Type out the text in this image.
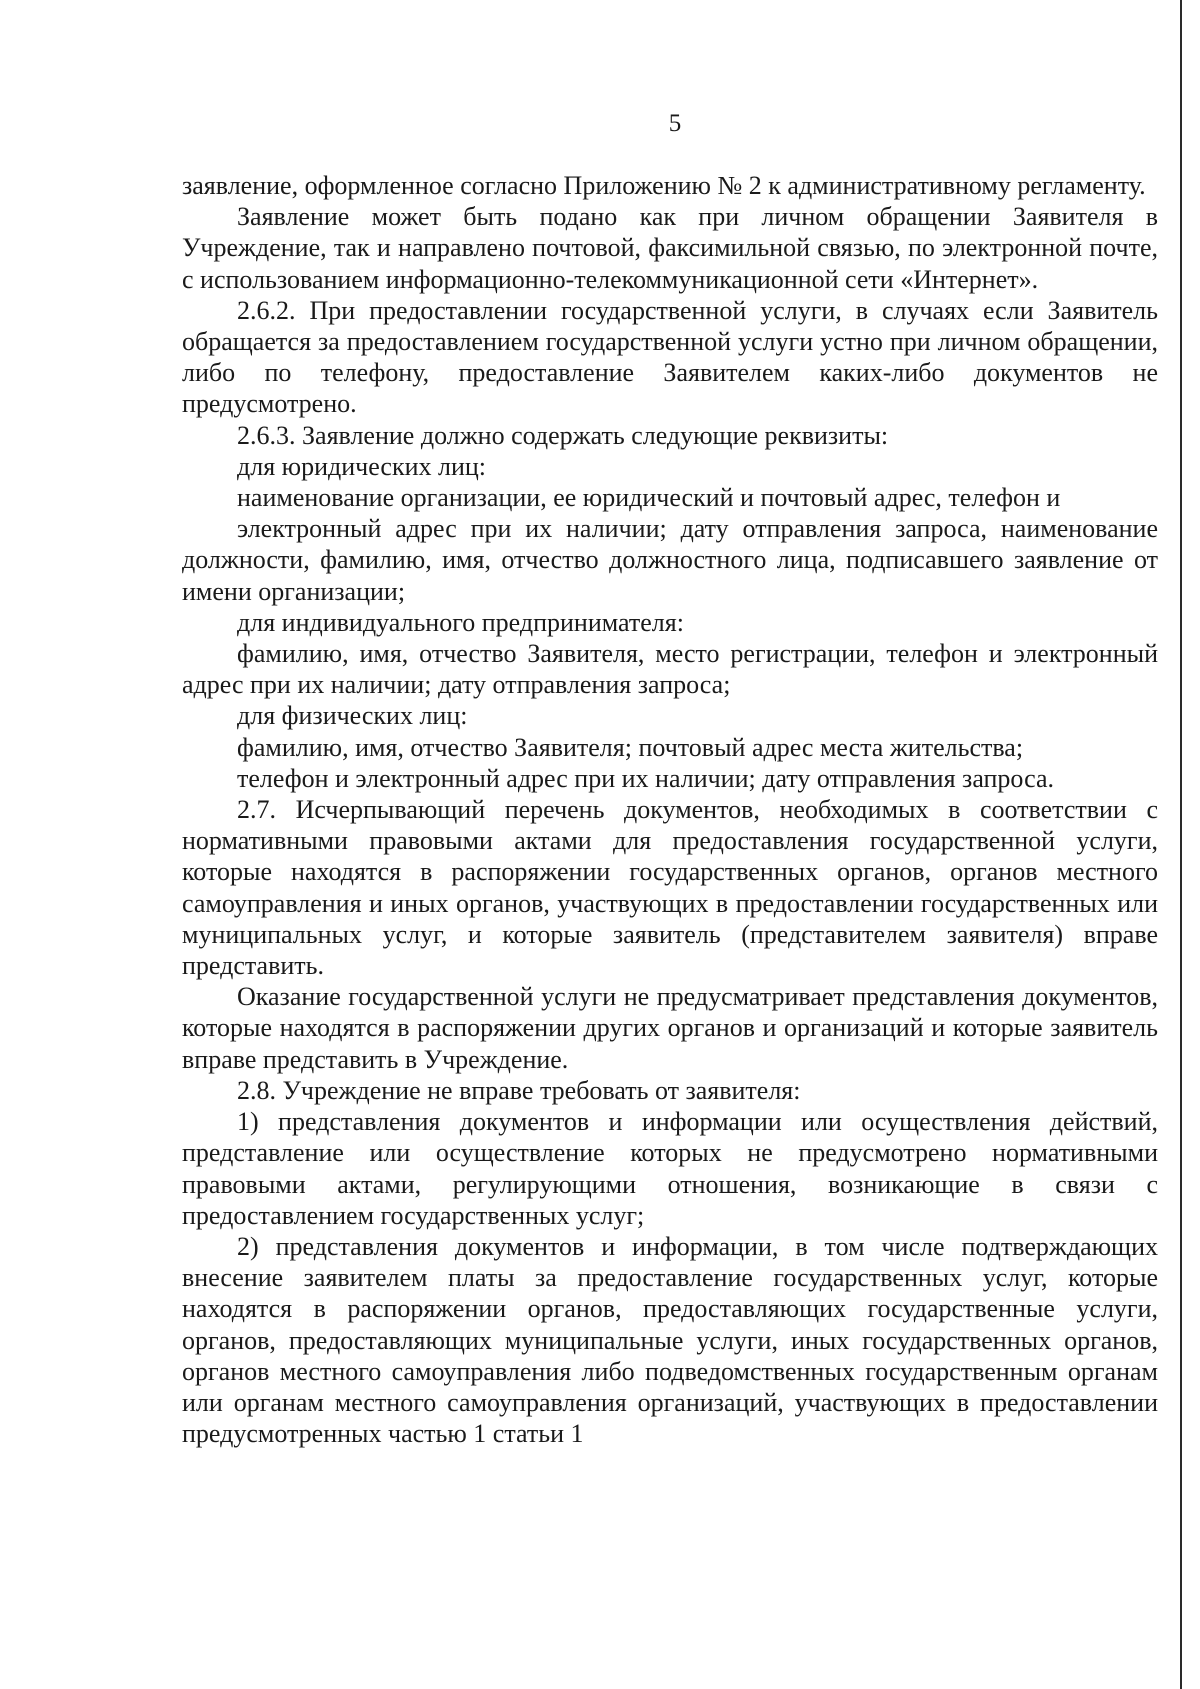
5

заявление, оформленное согласно Приложению № 2 к административному регламенту.

Заявление может быть подано как при личном обращении Заявителя в Учреждение, так и направлено почтовой, факсимильной связью, по электронной почте, с использованием информационно-телекоммуникационной сети «Интернет».

2.6.2. При предоставлении государственной услуги, в случаях если Заявитель обращается за предоставлением государственной услуги устно при личном обращении, либо по телефону, предоставление Заявителем каких-либо документов не предусмотрено.

2.6.3. Заявление должно содержать следующие реквизиты:

для юридических лиц:

наименование организации, ее юридический и почтовый адрес, телефон и

электронный адрес при их наличии; дату отправления запроса, наименование должности, фамилию, имя, отчество должностного лица, подписавшего заявление от имени организации;

для индивидуального предпринимателя:

фамилию, имя, отчество Заявителя, место регистрации, телефон и электронный адрес при их наличии; дату отправления запроса;

для физических лиц:

фамилию, имя, отчество Заявителя; почтовый адрес места жительства;

телефон и электронный адрес при их наличии; дату отправления запроса.

2.7. Исчерпывающий перечень документов, необходимых в соответствии с нормативными правовыми актами для предоставления государственной услуги, которые находятся в распоряжении государственных органов, органов местного самоуправления и иных органов, участвующих в предоставлении государственных или муниципальных услуг, и которые заявитель (представителем заявителя) вправе представить.

Оказание государственной услуги не предусматривает представления документов, которые находятся в распоряжении других органов и организаций и которые заявитель вправе представить в Учреждение.

2.8. Учреждение не вправе требовать от заявителя:

1) представления документов и информации или осуществления действий, представление или осуществление которых не предусмотрено нормативными правовыми актами, регулирующими отношения, возникающие в связи с предоставлением государственных услуг;

2) представления документов и информации, в том числе подтверждающих внесение заявителем платы за предоставление государственных услуг, которые находятся в распоряжении органов, предоставляющих государственные услуги, органов, предоставляющих муниципальные услуги, иных государственных органов, органов местного самоуправления либо подведомственных государственным органам или органам местного самоуправления организаций, участвующих в предоставлении предусмотренных частью 1 статьи 1
